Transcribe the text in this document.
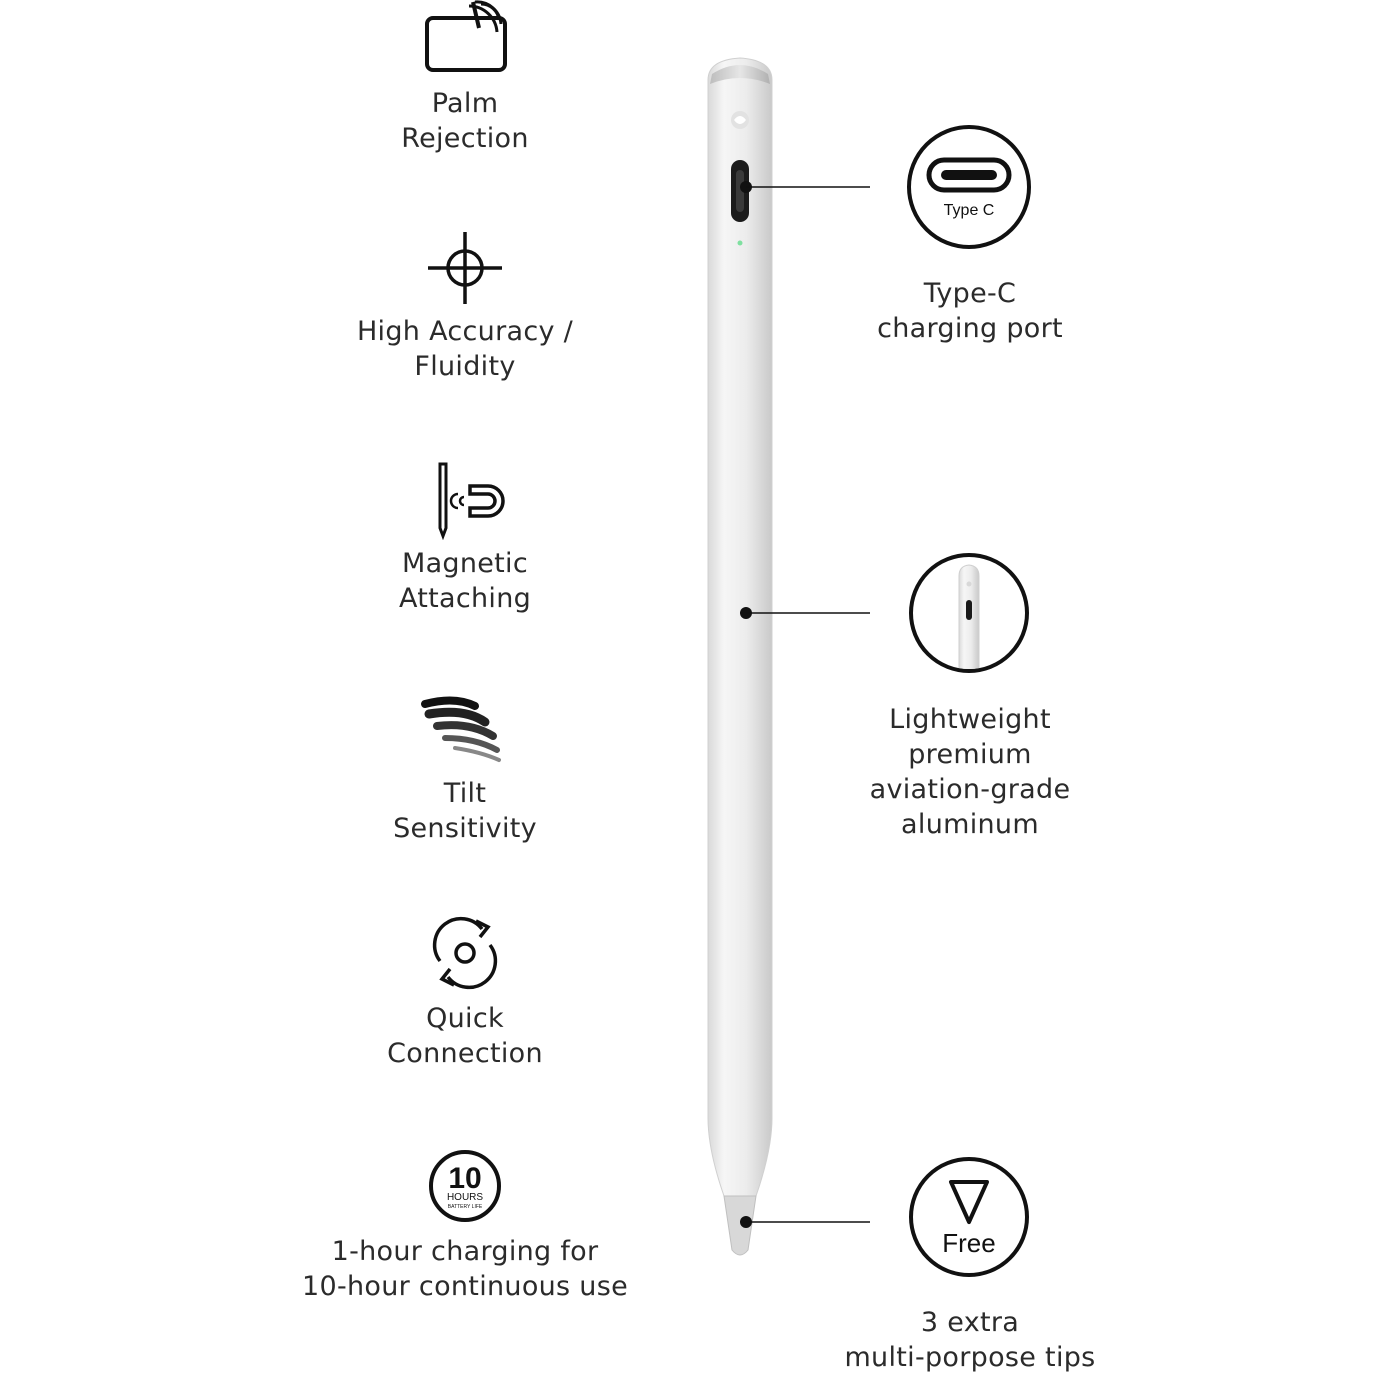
Palm
Rejection
High Accuracy /
Fluidity
Magnetic
Attaching
Tilt
Sensitivity
Quick
Connection
10
HOURS
BATTERY LIFE
1-hour charging for
10-hour continuous use
Type C
Free
Type-C
charging port
Lightweight
premium
aviation-grade
aluminum
3 extra
multi-porpose tips
